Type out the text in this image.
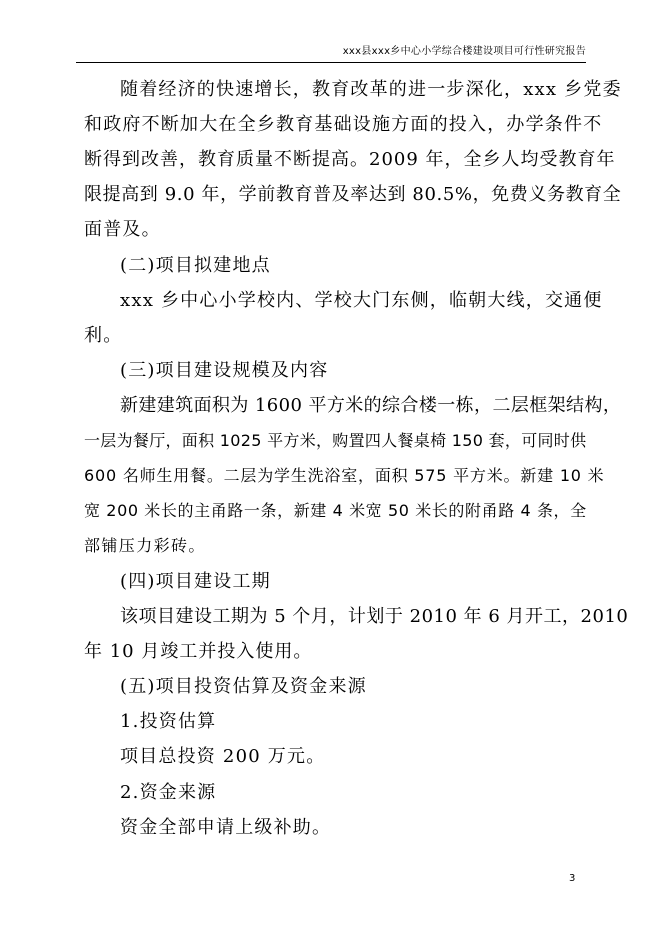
xxx县xxx乡中心小学综合楼建设项目可行性研究报告
随着经济的快速增长，教育改革的进一步深化，xxx 乡党委
和政府不断加大在全乡教育基础设施方面的投入，办学条件不
断得到改善，教育质量不断提高。2009 年，全乡人均受教育年
限提高到 9.0 年，学前教育普及率达到 80.5%，免费义务教育全
面普及。
(二)项目拟建地点
xxx 乡中心小学校内、学校大门东侧，临朝大线，交通便
利。
(三)项目建设规模及内容
新建建筑面积为 1600 平方米的综合楼一栋，二层框架结构，
一层为餐厅，面积 1025 平方米，购置四人餐桌椅 150 套，可同时供
600 名师生用餐。二层为学生洗浴室，面积 575 平方米。新建 10 米
宽 200 米长的主甬路一条，新建 4 米宽 50 米长的附甬路 4 条，全
部铺压力彩砖。
(四)项目建设工期
该项目建设工期为 5 个月，计划于 2010 年 6 月开工，2010
年 10 月竣工并投入使用。
(五)项目投资估算及资金来源
1.投资估算
项目总投资 200 万元。
2.资金来源
资金全部申请上级补助。
3
